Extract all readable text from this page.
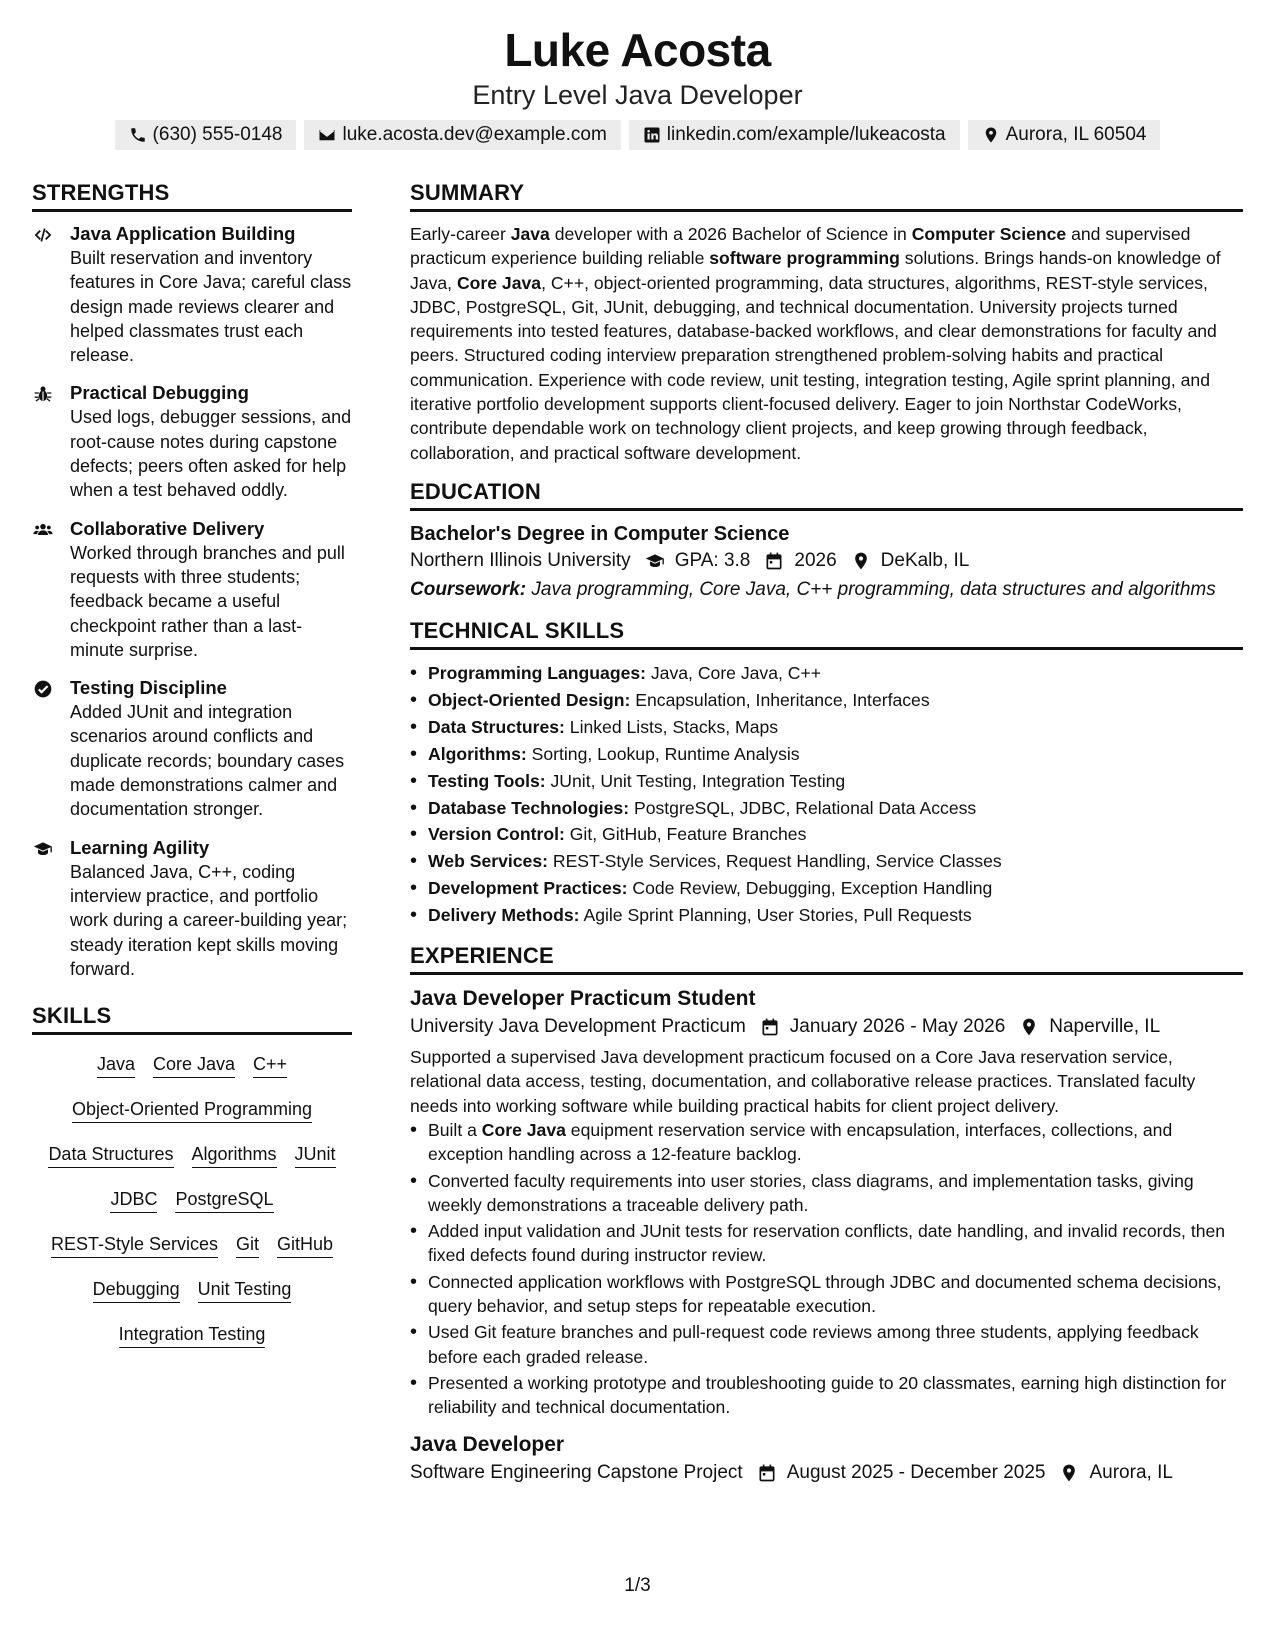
Luke Acosta
Entry Level Java Developer
(630) 555-0148	luke.acosta.dev@example.com	linkedin.com/example/lukeacosta	Aurora, IL 60504
STRENGTHS
Java Application Building
Built reservation and inventory features in Core Java; careful class design made reviews clearer and helped classmates trust each release.
Practical Debugging
Used logs, debugger sessions, and root-cause notes during capstone defects; peers often asked for help when a test behaved oddly.
Collaborative Delivery
Worked through branches and pull requests with three students; feedback became a useful checkpoint rather than a last-minute surprise.
Testing Discipline
Added JUnit and integration scenarios around conflicts and duplicate records; boundary cases made demonstrations calmer and documentation stronger.
Learning Agility
Balanced Java, C++, coding interview practice, and portfolio work during a career-building year; steady iteration kept skills moving forward.
SKILLS
Java Core Java C++
Object-Oriented Programming
Data Structures Algorithms JUnit
JDBC PostgreSQL
REST-Style Services Git GitHub
Debugging Unit Testing
Integration Testing
SUMMARY
Early-career Java developer with a 2026 Bachelor of Science in Computer Science and supervised practicum experience building reliable software programming solutions. Brings hands-on knowledge of Java, Core Java, C++, object-oriented programming, data structures, algorithms, REST-style services, JDBC, PostgreSQL, Git, JUnit, debugging, and technical documentation. University projects turned requirements into tested features, database-backed workflows, and clear demonstrations for faculty and peers. Structured coding interview preparation strengthened problem-solving habits and practical communication. Experience with code review, unit testing, integration testing, Agile sprint planning, and iterative portfolio development supports client-focused delivery. Eager to join Northstar CodeWorks, contribute dependable work on technology client projects, and keep growing through feedback, collaboration, and practical software development.
EDUCATION
Bachelor's Degree in Computer Science
Northern Illinois University GPA: 3.8 2026 DeKalb, IL
Coursework: Java programming, Core Java, C++ programming, data structures and algorithms
TECHNICAL SKILLS
• Programming Languages: Java, Core Java, C++
• Object-Oriented Design: Encapsulation, Inheritance, Interfaces
• Data Structures: Linked Lists, Stacks, Maps
• Algorithms: Sorting, Lookup, Runtime Analysis
• Testing Tools: JUnit, Unit Testing, Integration Testing
• Database Technologies: PostgreSQL, JDBC, Relational Data Access
• Version Control: Git, GitHub, Feature Branches
• Web Services: REST-Style Services, Request Handling, Service Classes
• Development Practices: Code Review, Debugging, Exception Handling
• Delivery Methods: Agile Sprint Planning, User Stories, Pull Requests
EXPERIENCE
Java Developer Practicum Student
University Java Development Practicum January 2026 - May 2026 Naperville, IL
Supported a supervised Java development practicum focused on a Core Java reservation service, relational data access, testing, documentation, and collaborative release practices. Translated faculty needs into working software while building practical habits for client project delivery.
• Built a Core Java equipment reservation service with encapsulation, interfaces, collections, and exception handling across a 12-feature backlog.
• Converted faculty requirements into user stories, class diagrams, and implementation tasks, giving weekly demonstrations a traceable delivery path.
• Added input validation and JUnit tests for reservation conflicts, date handling, and invalid records, then fixed defects found during instructor review.
• Connected application workflows with PostgreSQL through JDBC and documented schema decisions, query behavior, and setup steps for repeatable execution.
• Used Git feature branches and pull-request code reviews among three students, applying feedback before each graded release.
• Presented a working prototype and troubleshooting guide to 20 classmates, earning high distinction for reliability and technical documentation.
Java Developer
Software Engineering Capstone Project August 2025 - December 2025 Aurora, IL
1/3
